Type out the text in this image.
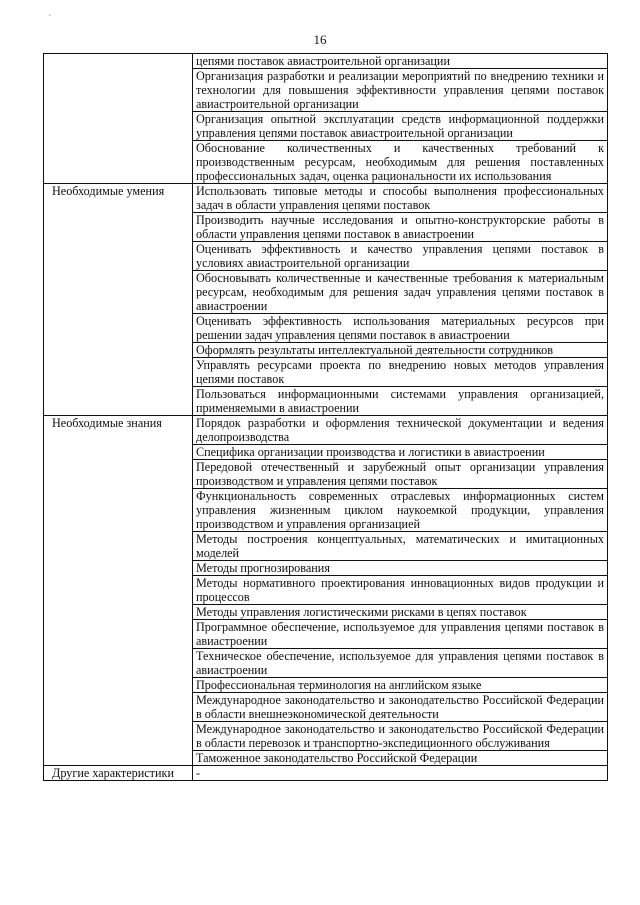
ˋ
16
	цепями поставок авиастроительной организации
	Организация разработки и реализации мероприятий по внедрению техники и технологии для повышения эффективности управления цепями поставок авиастроительной организации
	Организация опытной эксплуатации средств информационной поддержки управления цепями поставок авиастроительной организации
	Обоснование количественных и качественных требований к производственным ресурсам, необходимым для решения поставленных профессиональных задач, оценка рациональности их использования
Необходимые умения	Использовать типовые методы и способы выполнения профессиональных задач в области управления цепями поставок
	Производить научные исследования и опытно-конструкторские работы в области управления цепями поставок в авиастроении
	Оценивать эффективность и качество управления цепями поставок в условиях авиастроительной организации
	Обосновывать количественные и качественные требования к материальным ресурсам, необходимым для решения задач управления цепями поставок в авиастроении
	Оценивать эффективность использования материальных ресурсов при решении задач управления цепями поставок в авиастроении
	Оформлять результаты интеллектуальной деятельности сотрудников
	Управлять ресурсами проекта по внедрению новых методов управления цепями поставок
	Пользоваться информационными системами управления организацией, применяемыми в авиастроении
Необходимые знания	Порядок разработки и оформления технической документации и ведения делопроизводства
	Специфика организации производства и логистики в авиастроении
	Передовой отечественный и зарубежный опыт организации управления производством и управления цепями поставок
	Функциональность современных отраслевых информационных систем управления жизненным циклом наукоемкой продукции, управления производством и управления организацией
	Методы построения концептуальных, математических и имитационных моделей
	Методы прогнозирования
	Методы нормативного проектирования инновационных видов продукции и процессов
	Методы управления логистическими рисками в цепях поставок
	Программное обеспечение, используемое для управления цепями поставок в авиастроении
	Техническое обеспечение, используемое для управления цепями поставок в авиастроении
	Профессиональная терминология на английском языке
	Международное законодательство и законодательство Российской Федерации в области внешнеэкономической деятельности
	Международное законодательство и законодательство Российской Федерации в области перевозок и транспортно-экспедиционного обслуживания
	Таможенное законодательство Российской Федерации
Другие характеристики	-
